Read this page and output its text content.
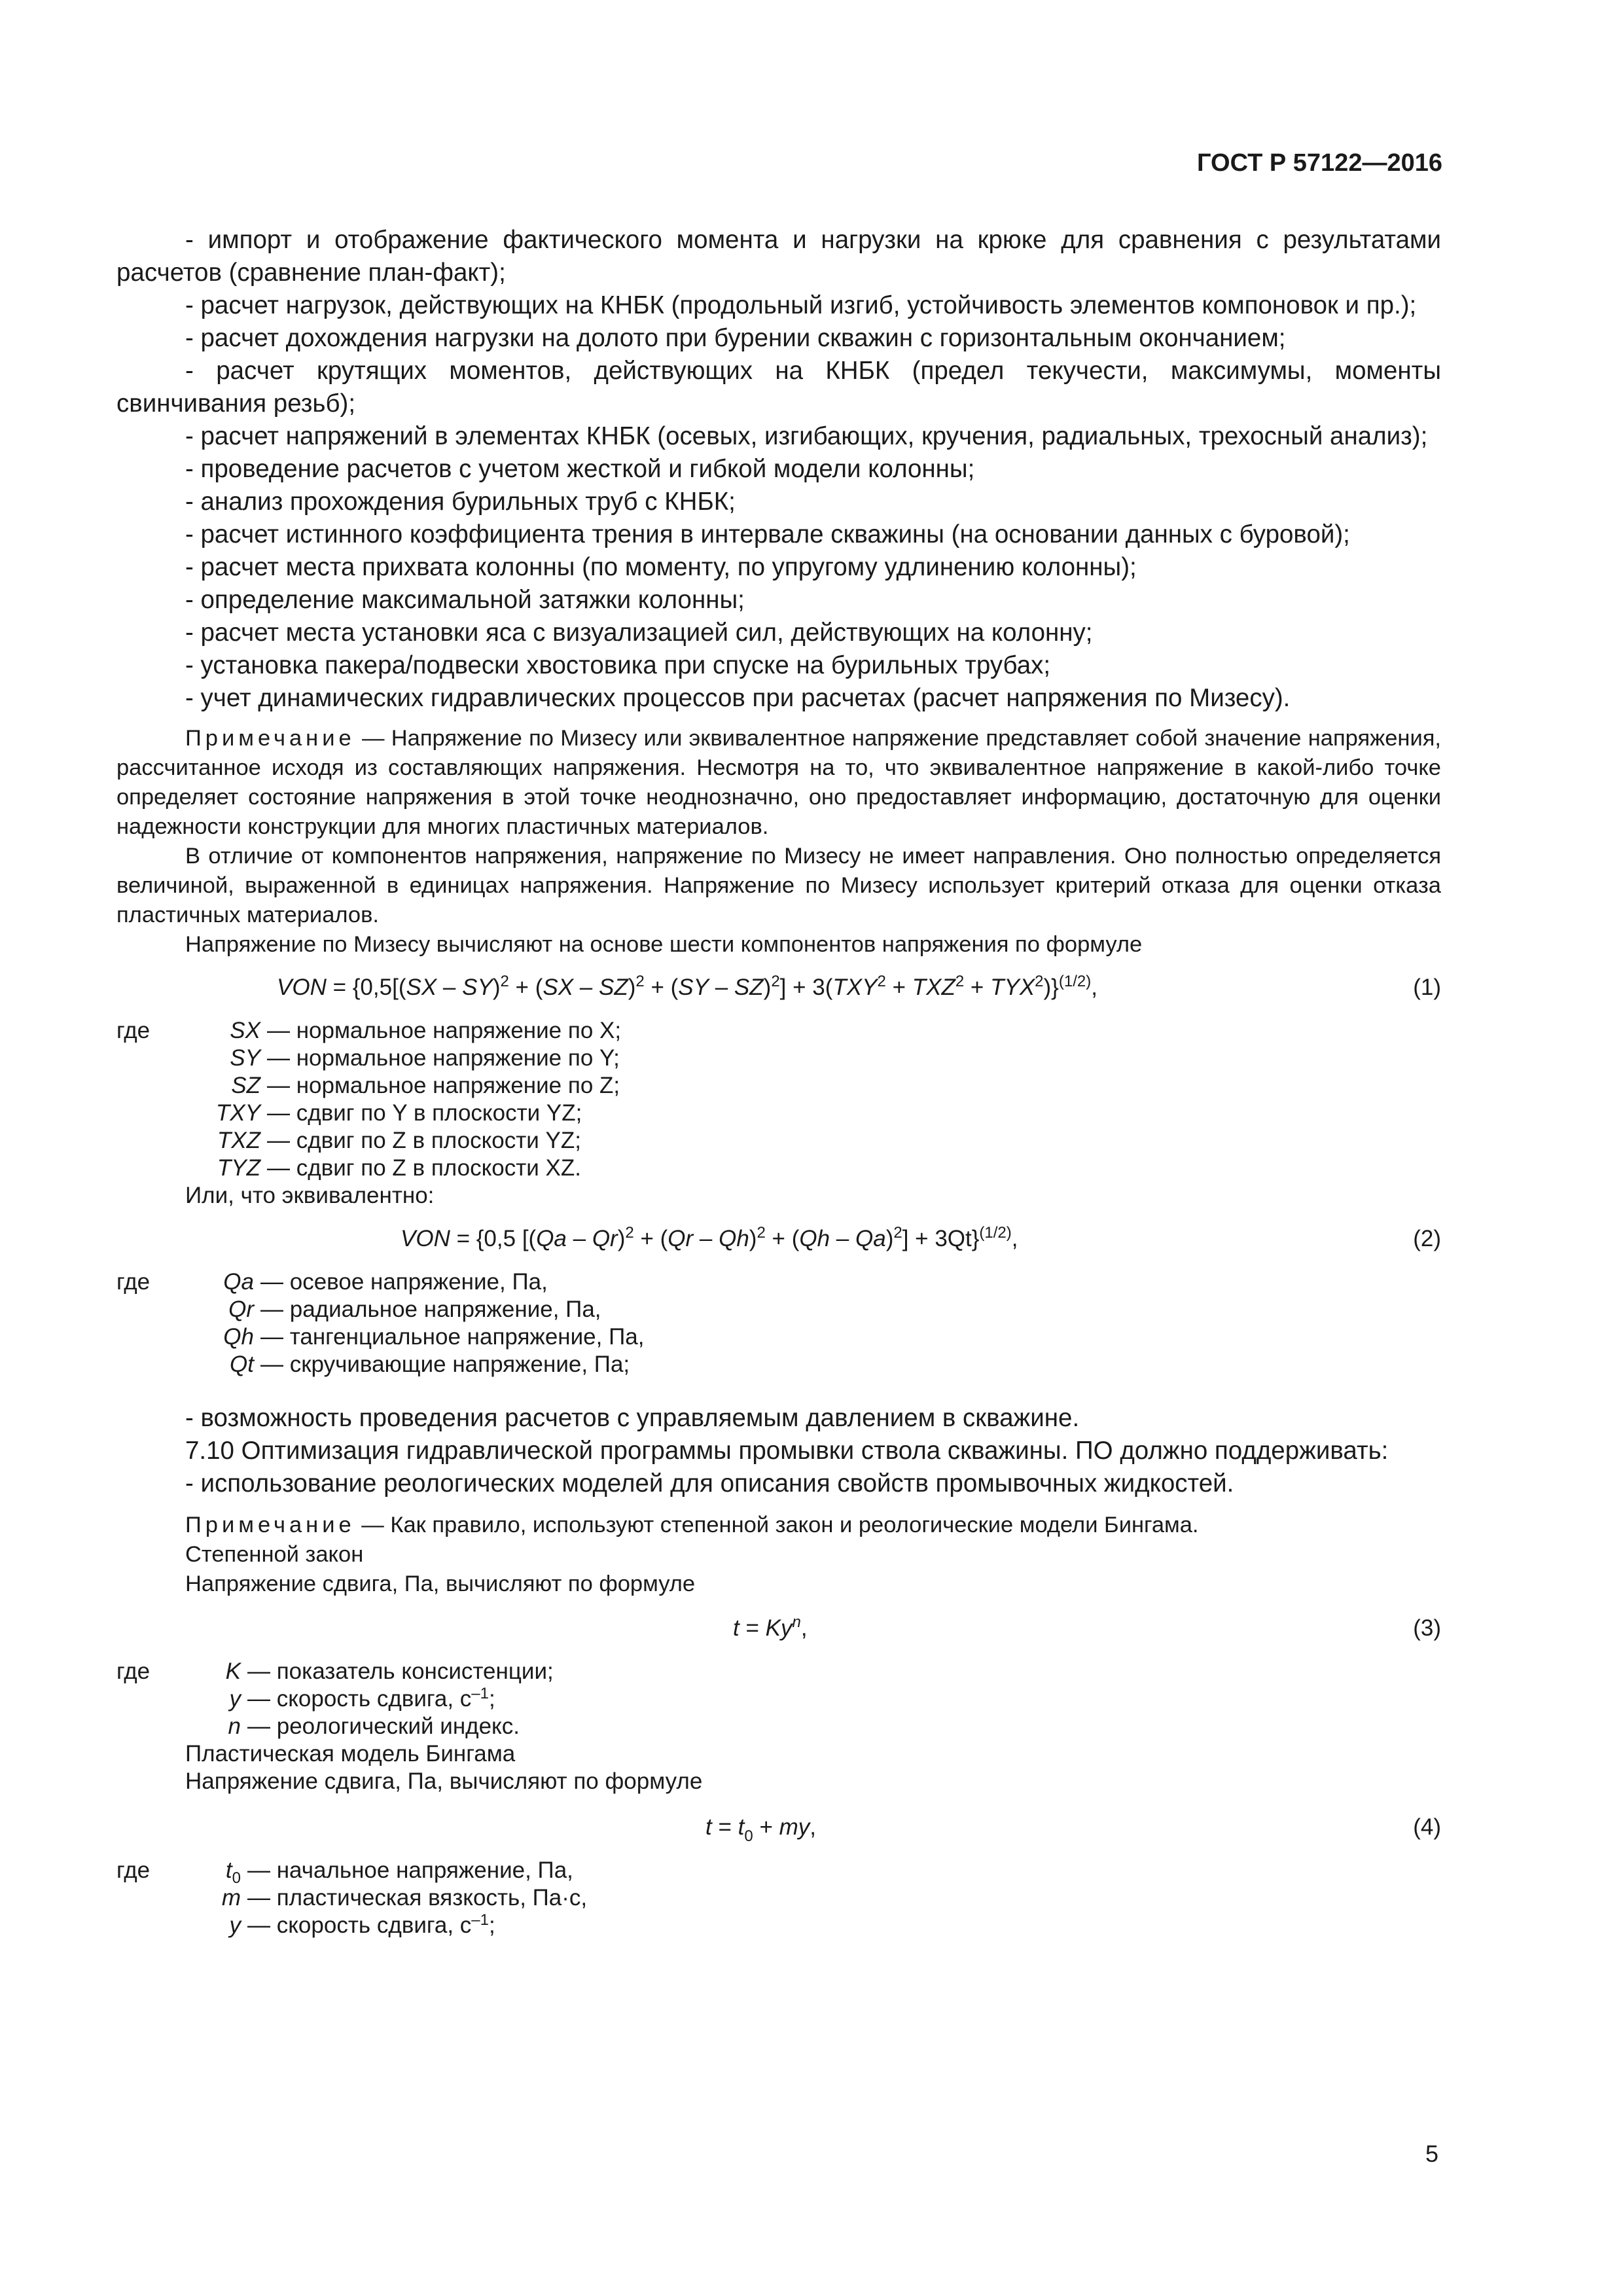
ГОСТ Р 57122—2016

- импорт и отображение фактического момента и нагрузки на крюке для сравнения с результатами расчетов (сравнение план-факт);

- расчет нагрузок, действующих на КНБК (продольный изгиб, устойчивость элементов компоновок и пр.);

- расчет дохождения нагрузки на долото при бурении скважин с горизонтальным окончанием;

- расчет крутящих моментов, действующих на КНБК (предел текучести, максимумы, моменты свинчивания резьб);

- расчет напряжений в элементах КНБК (осевых, изгибающих, кручения, радиальных, трехосный анализ);

- проведение расчетов с учетом жесткой и гибкой модели колонны;

- анализ прохождения бурильных труб с КНБК;

- расчет истинного коэффициента трения в интервале скважины (на основании данных с буровой);

- расчет места прихвата колонны (по моменту, по упругому удлинению колонны);

- определение максимальной затяжки колонны;

- расчет места установки яса с визуализацией сил, действующих на колонну;

- установка пакера/подвески хвостовика при спуске на бурильных трубах;

- учет динамических гидравлических процессов при расчетах (расчет напряжения по Мизесу).

Примечание — Напряжение по Мизесу или эквивалентное напряжение представляет собой значение напряжения, рассчитанное исходя из составляющих напряжения. Несмотря на то, что эквивалентное напряжение в какой-либо точке определяет состояние напряжения в этой точке неоднозначно, оно предоставляет информацию, достаточную для оценки надежности конструкции для многих пластичных материалов.

В отличие от компонентов напряжения, напряжение по Мизесу не имеет направления. Оно полностью определяется величиной, выраженной в единицах напряжения. Напряжение по Мизесу использует критерий отказа для оценки отказа пластичных материалов.

Напряжение по Мизесу вычисляют на основе шести компонентов напряжения по формуле

VON = $\{0,5[(SX - SY)^2 + (SX - SZ)^2 + (SY - SZ)^2] + 3(TXY^2 + TXZ^2 + TYX^2)\}^{(1/2)}$,	(1)
где	SX — нормальное напряжение по X;
SY — нормальное напряжение по Y;
SZ — нормальное напряжение по Z;
TXY — сдвиг по Y в плоскости YZ;
TXZ — сдвиг по Z в плоскости YZ;
TYZ — сдвиг по Z в плоскости XZ.

Или, что эквивалентно:

VON = {0,5 [(Qa – Qr)$^2$ + (Qr – Qh)$^2$ + (Qh – Qa)$^2$] + 3Qt}$^{(1/2)}$,	(2)
где	Qa — осевое напряжение, Па,
Qr — радиальное напряжение, Па,
Qh — тангенциальное напряжение, Па,
Qt — скручивающие напряжение, Па;

- возможность проведения расчетов с управляемым давлением в скважине.

7.10 Оптимизация гидравлической программы промывки ствола скважины. ПО должно поддерживать:

- использование реологических моделей для описания свойств промывочных жидкостей.

Примечание — Как правило, используют степенной закон и реологические модели Бингама.

Степенной закон

Напряжение сдвига, Па, вычисляют по формуле

$t = Ky^n$,	(3)
где	K — показатель консистенции;
y — скорость сдвига, $с^{-1}$;
n — реологический индекс.

Пластическая модель Бингама

Напряжение сдвига, Па, вычисляют по формуле

$t = t_0$ + my,	(4)
где	$t_0$ — начальное напряжение, Па,
m — пластическая вязкость, Па·с,
y — скорость сдвига, $с^{-1}$;
5
